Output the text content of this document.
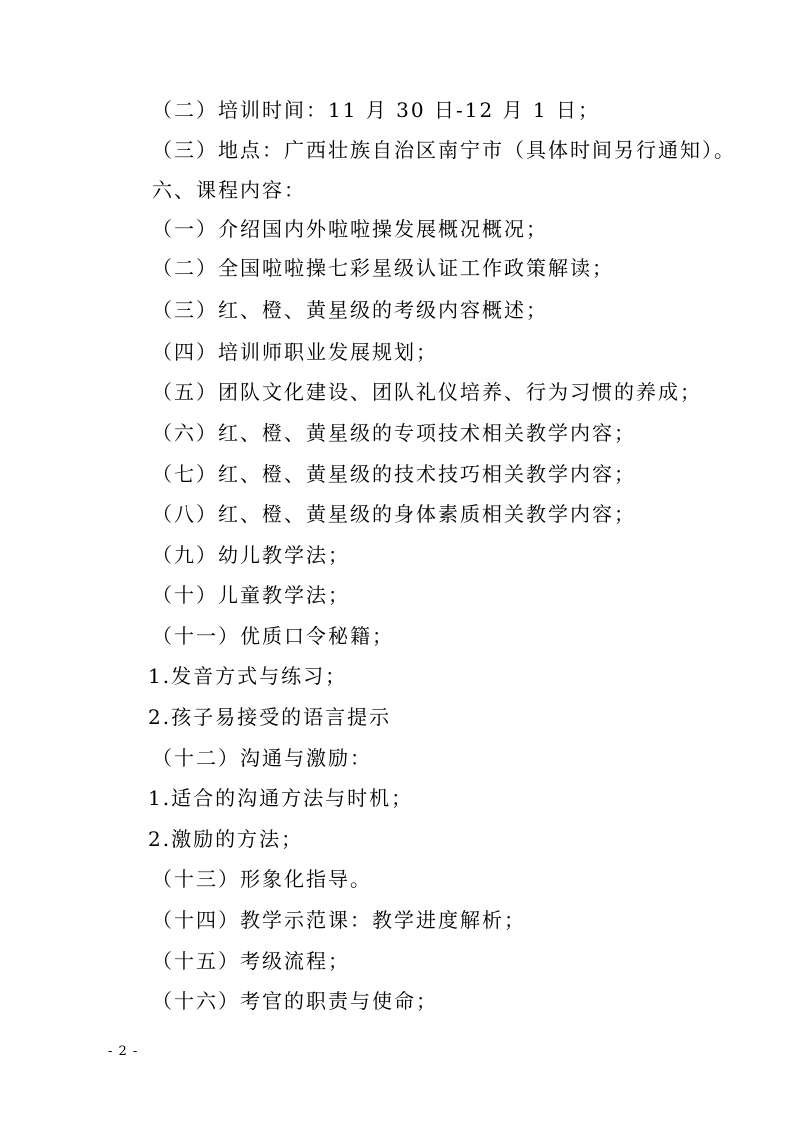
（二）培训时间：11 月 30 日-12 月 1 日；
（三）地点：广西壮族自治区南宁市（具体时间另行通知）。
六、课程内容：
（一）介绍国内外啦啦操发展概况概况；
（二）全国啦啦操七彩星级认证工作政策解读；
（三）红、橙、黄星级的考级内容概述；
（四）培训师职业发展规划；
（五）团队文化建设、团队礼仪培养、行为习惯的养成；
（六）红、橙、黄星级的专项技术相关教学内容；
（七）红、橙、黄星级的技术技巧相关教学内容；
（八）红、橙、黄星级的身体素质相关教学内容；
（九）幼儿教学法；
（十）儿童教学法；
（十一）优质口令秘籍；
1.发音方式与练习；
2.孩子易接受的语言提示
（十二）沟通与激励：
1.适合的沟通方法与时机；
2.激励的方法；
（十三）形象化指导。
（十四）教学示范课：教学进度解析；
（十五）考级流程；
（十六）考官的职责与使命；
- 2 -
